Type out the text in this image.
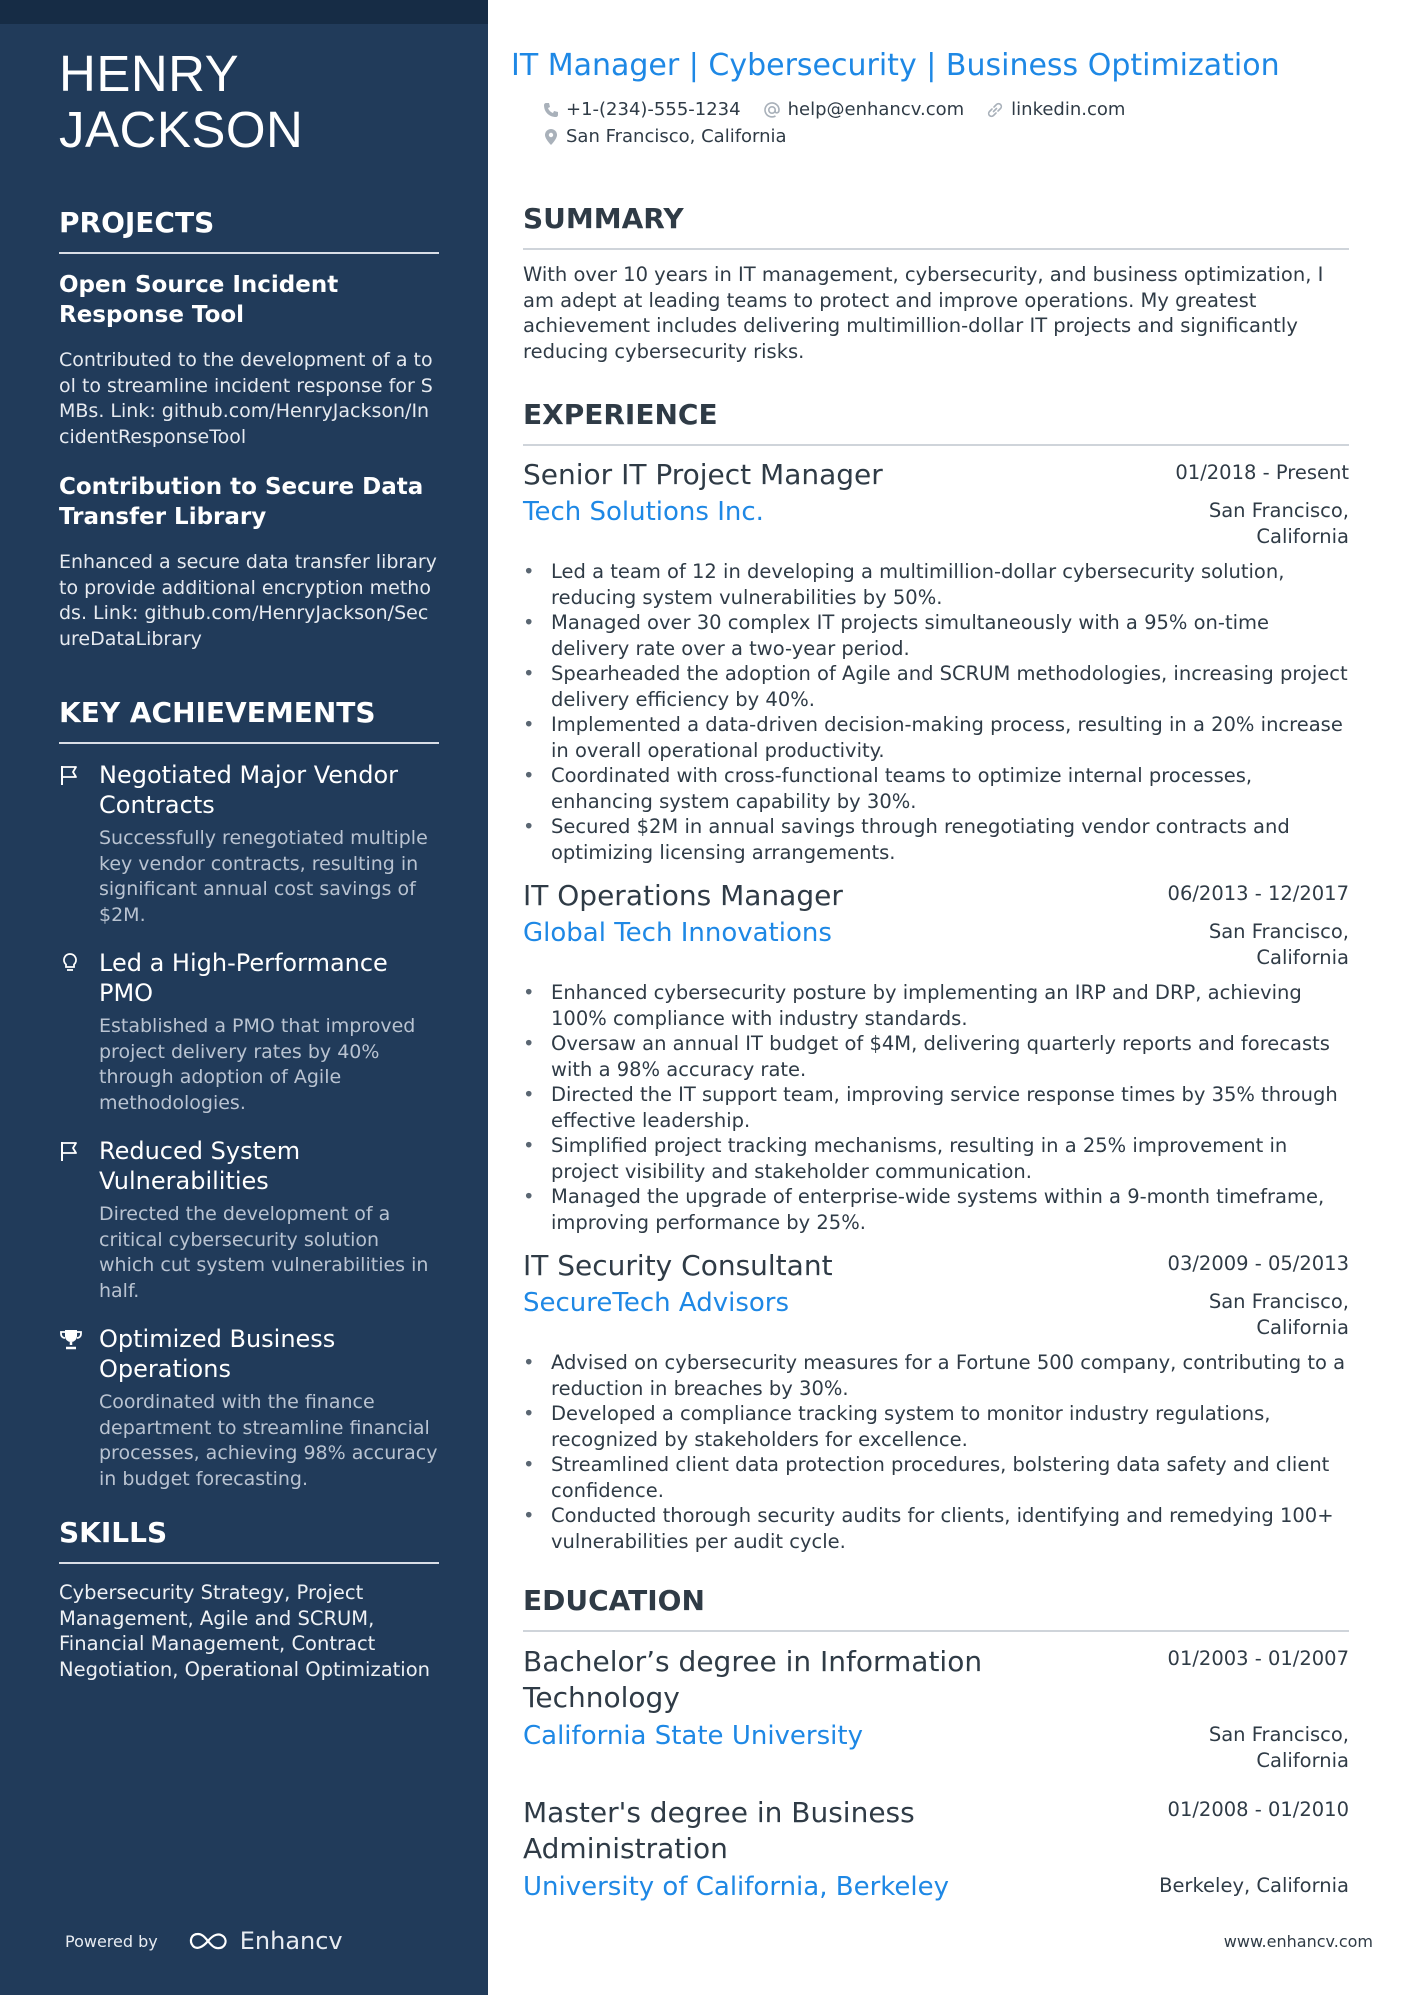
HENRY JACKSON
PROJECTS

Open Source Incident Response Tool

Contributed to the development of a tool to streamline incident response for SMBs. Link: github.com/HenryJackson/IncidentResponseTool

Contribution to Secure Data Transfer Library

Enhanced a secure data transfer library to provide additional encryption methods. Link: github.com/HenryJackson/SecureDataLibrary

KEY ACHIEVEMENTS

Negotiated Major Vendor Contracts

Successfully renegotiated multiple key vendor contracts, resulting in significant annual cost savings of $2M.

Led a High-Performance PMO

Established a PMO that improved project delivery rates by 40% through adoption of Agile methodologies.

Reduced System Vulnerabilities

Directed the development of a critical cybersecurity solution which cut system vulnerabilities in half.

Optimized Business Operations

Coordinated with the finance department to streamline financial processes, achieving 98% accuracy in budget forecasting.

SKILLS

Cybersecurity Strategy, Project Management, Agile and SCRUM, Financial Management, Contract Negotiation, Operational Optimization

Powered by	Enhancv
IT Manager | Cybersecurity | Business Optimization
+1-(234)-555-1234	help@enhancv.com	linkedin.com
San Francisco, California
SUMMARY

With over 10 years in IT management, cybersecurity, and business optimization, I am adept at leading teams to protect and improve operations. My greatest achievement includes delivering multimillion-dollar IT projects and significantly reducing cybersecurity risks.

EXPERIENCE

Senior IT Project Manager	01/2018 - Present
Tech Solutions Inc.	San Francisco, California
• Led a team of 12 in developing a multimillion-dollar cybersecurity solution, reducing system vulnerabilities by 50%.
• Managed over 30 complex IT projects simultaneously with a 95% on-time delivery rate over a two-year period.
• Spearheaded the adoption of Agile and SCRUM methodologies, increasing project delivery efficiency by 40%.
• Implemented a data-driven decision-making process, resulting in a 20% increase in overall operational productivity.
• Coordinated with cross-functional teams to optimize internal processes, enhancing system capability by 30%.
• Secured $2M in annual savings through renegotiating vendor contracts and optimizing licensing arrangements.

IT Operations Manager	06/2013 - 12/2017
Global Tech Innovations	San Francisco, California
• Enhanced cybersecurity posture by implementing an IRP and DRP, achieving 100% compliance with industry standards.
• Oversaw an annual IT budget of $4M, delivering quarterly reports and forecasts with a 98% accuracy rate.
• Directed the IT support team, improving service response times by 35% through effective leadership.
• Simplified project tracking mechanisms, resulting in a 25% improvement in project visibility and stakeholder communication.
• Managed the upgrade of enterprise-wide systems within a 9-month timeframe, improving performance by 25%.

IT Security Consultant	03/2009 - 05/2013
SecureTech Advisors	San Francisco, California
• Advised on cybersecurity measures for a Fortune 500 company, contributing to a reduction in breaches by 30%.
• Developed a compliance tracking system to monitor industry regulations, recognized by stakeholders for excellence.
• Streamlined client data protection procedures, bolstering data safety and client confidence.
• Conducted thorough security audits for clients, identifying and remedying 100+ vulnerabilities per audit cycle.
EDUCATION

Bachelor’s degree in Information Technology

01/2003 - 01/2007
California State University	San Francisco, California

Master's degree in Business Administration

01/2008 - 01/2010
University of California, Berkeley	Berkeley, California
www.enhancv.com
